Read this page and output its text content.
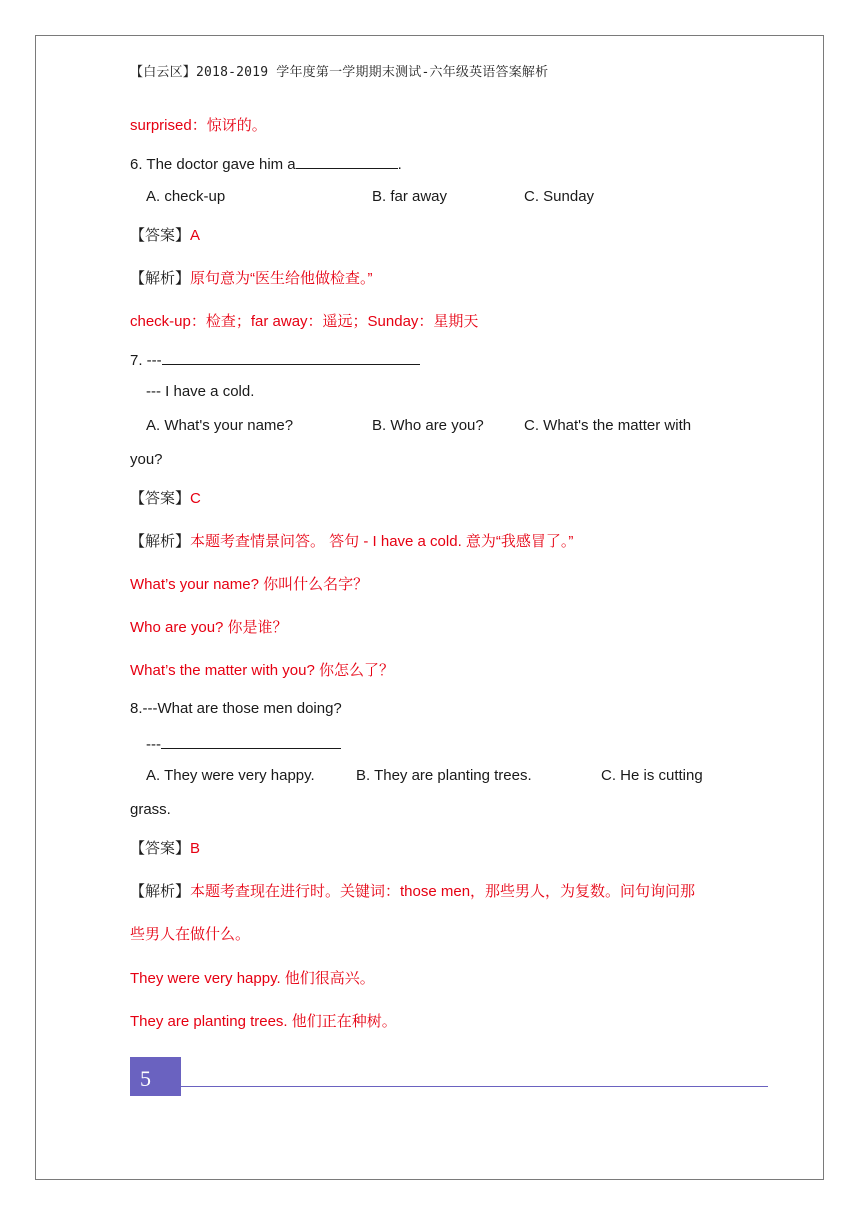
【白云区】2018-2019 学年度第一学期期末测试-六年级英语答案解析
surprised：惊讶的。
6. The doctor gave him a	.
A. check-up	B. far away	C. Sunday
【答案】A
【解析】原句意为“医生给他做检查。”
check-up：检查；far away：遥远；Sunday：星期天
7. ---
--- I have a cold.
A. What's your name?	B. Who are you?	C. What's the matter with
you?
【答案】C
【解析】本题考查情景问答。 答句 - I have a cold. 意为“我感冒了。”
What’s your name? 你叫什么名字？
Who are you? 你是谁？
What’s the matter with you? 你怎么了？
8.---What are those men doing?
---
A. They were very happy.	B. They are planting trees.	C. He is cutting
grass.
【答案】B
【解析】本题考查现在进行时。关键词：those men，那些男人，为复数。问句询问那
些男人在做什么。
They were very happy. 他们很高兴。
They are planting trees. 他们正在种树。
5
